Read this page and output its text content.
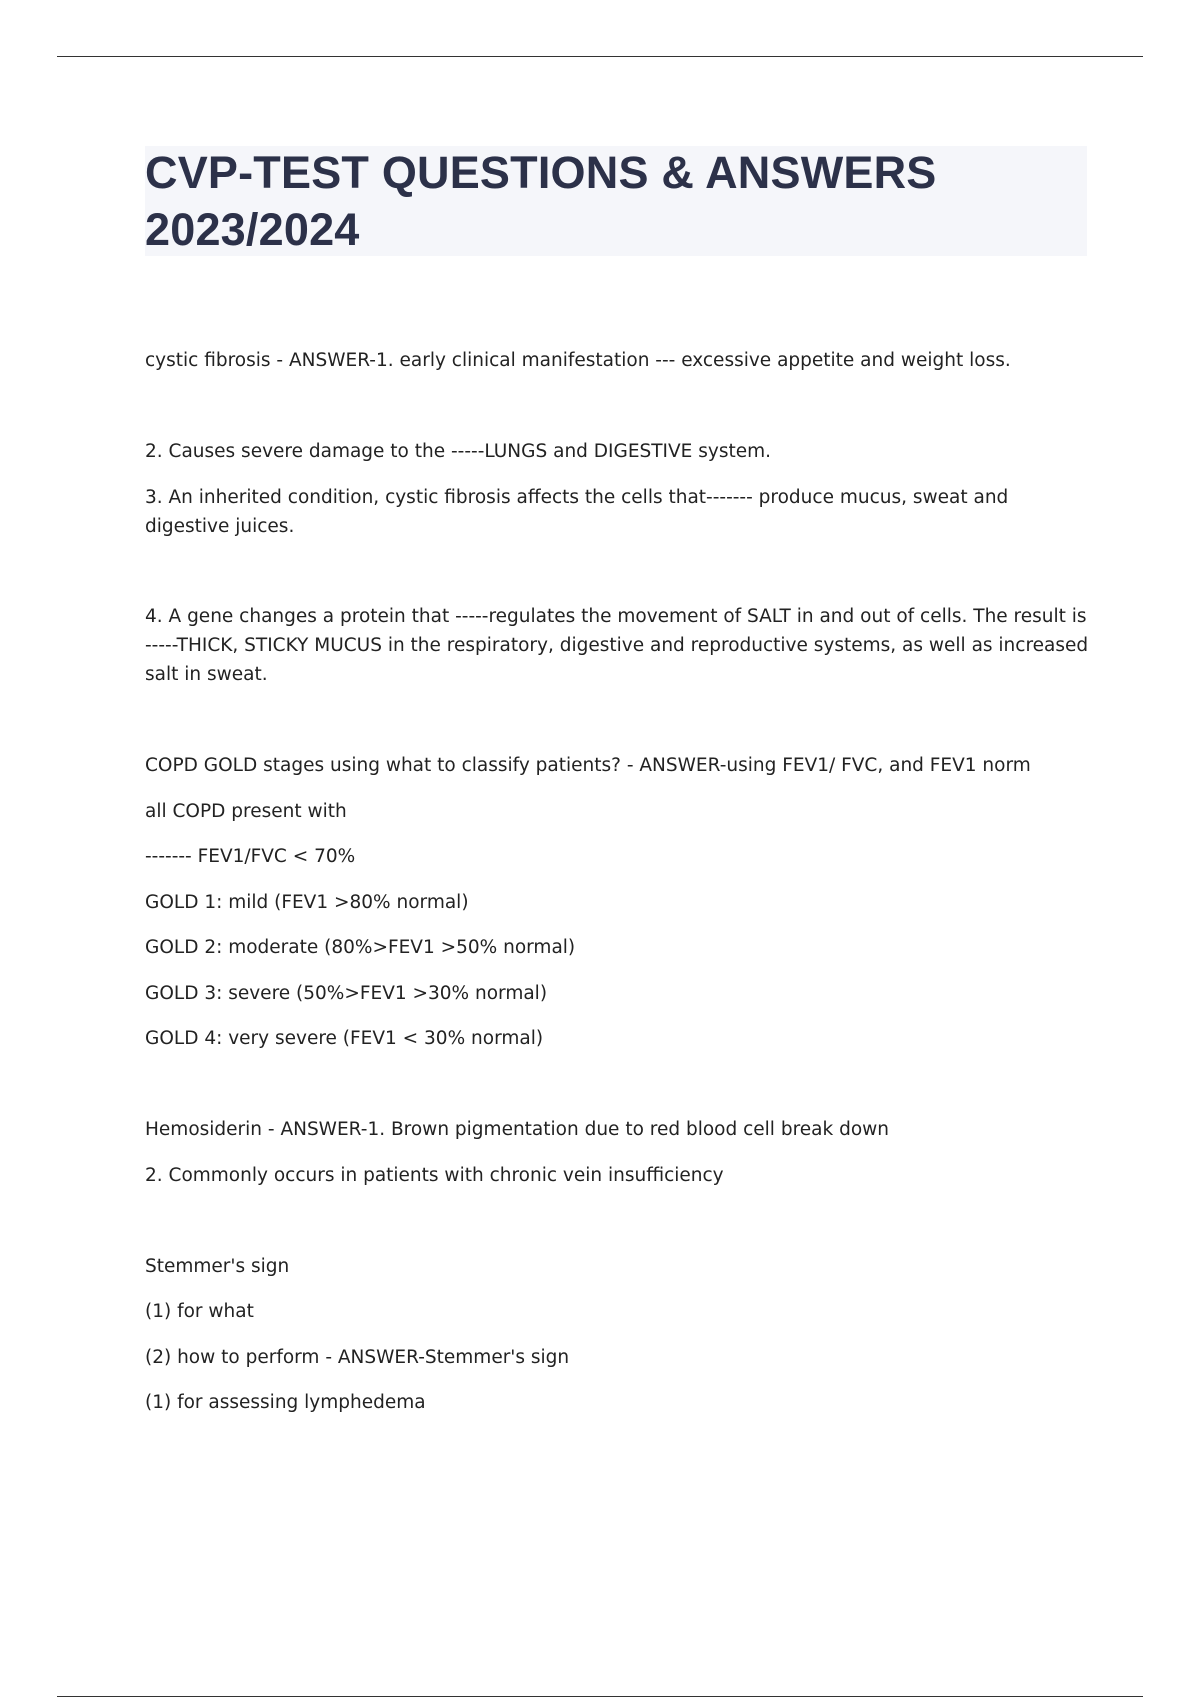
CVP-TEST QUESTIONS & ANSWERS 2023/2024

cystic fibrosis - ANSWER-1. early clinical manifestation --- excessive appetite and weight loss.

2. Causes severe damage to the -----LUNGS and DIGESTIVE system.

3. An inherited condition, cystic fibrosis affects the cells that------- produce mucus, sweat and digestive juices.

4. A gene changes a protein that -----regulates the movement of SALT in and out of cells. The result is -----THICK, STICKY MUCUS in the respiratory, digestive and reproductive systems, as well as increased salt in sweat.

COPD GOLD stages using what to classify patients? - ANSWER-using FEV1/ FVC, and FEV1 norm

all COPD present with

------- FEV1/FVC < 70%

GOLD 1: mild (FEV1 >80% normal)

GOLD 2: moderate (80%>FEV1 >50% normal)

GOLD 3: severe (50%>FEV1 >30% normal)

GOLD 4: very severe (FEV1 < 30% normal)

Hemosiderin - ANSWER-1. Brown pigmentation due to red blood cell break down

2. Commonly occurs in patients with chronic vein insufficiency

Stemmer's sign

(1) for what

(2) how to perform - ANSWER-Stemmer's sign

(1) for assessing lymphedema
